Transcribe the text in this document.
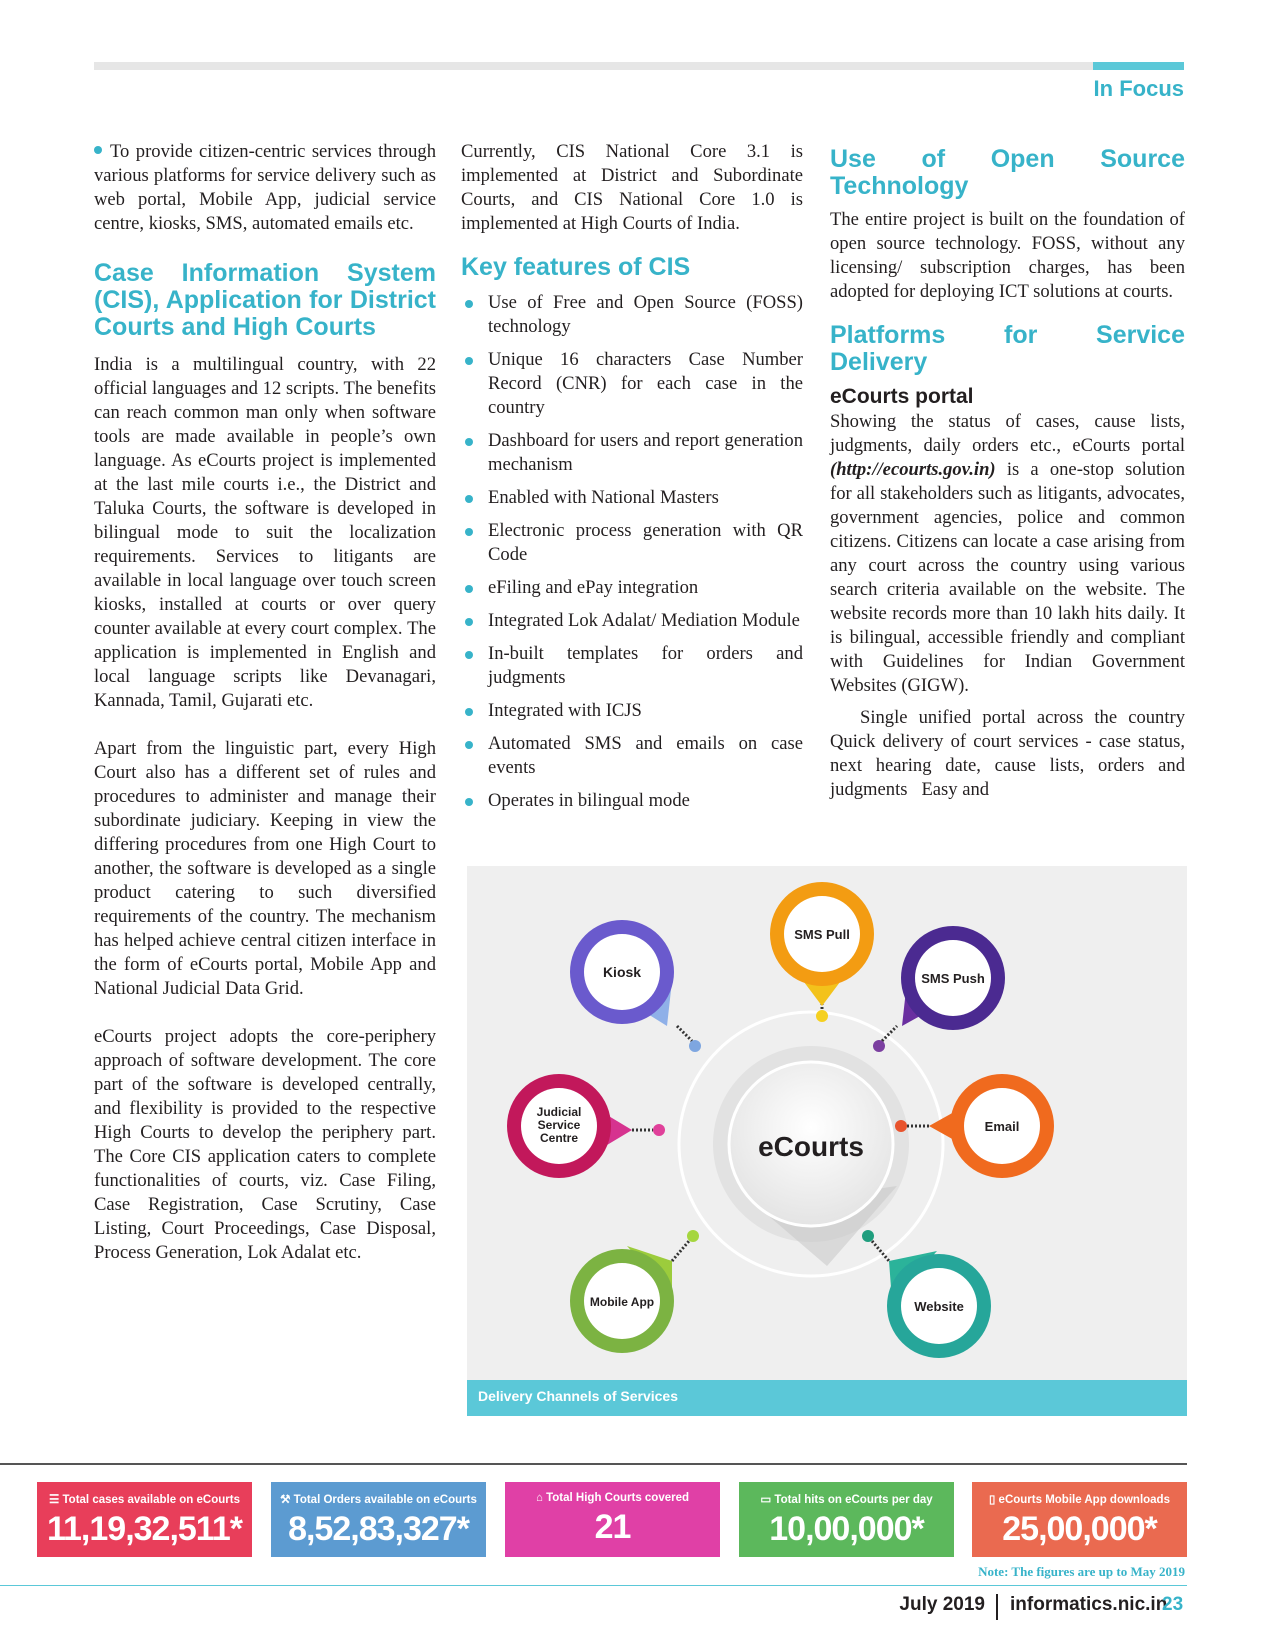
In Focus

To provide citizen-centric services through various platforms for service delivery such as web portal, Mobile App, judicial service centre, kiosks, SMS, automated emails etc.

Case Information System (CIS), Application for District Courts and High Courts

India is a multilingual country, with 22 official languages and 12 scripts. The benefits can reach common man only when software tools are made available in people’s own language. As eCourts project is implemented at the last mile courts i.e., the District and Taluka Courts, the software is developed in bilingual mode to suit the localization requirements. Services to litigants are available in local language over touch screen kiosks, installed at courts or over query counter available at every court complex. The application is implemented in English and local language scripts like Devanagari, Kannada, Tamil, Gujarati etc.

Apart from the linguistic part, every High Court also has a different set of rules and procedures to administer and manage their subordinate judiciary. Keeping in view the differing procedures from one High Court to another, the software is developed as a single product catering to such diversified requirements of the country. The mechanism has helped achieve central citizen interface in the form of eCourts portal, Mobile App and National Judicial Data Grid.

eCourts project adopts the core-periphery approach of software development. The core part of the software is developed centrally, and flexibility is provided to the respective High Courts to develop the periphery part. The Core CIS application caters to complete functionalities of courts, viz. Case Filing, Case Registration, Case Scrutiny, Case Listing, Court Proceedings, Case Disposal, Process Generation, Lok Adalat etc.

Currently, CIS National Core 3.1 is implemented at District and Subordinate Courts, and CIS National Core 1.0 is implemented at High Courts of India.

Key features of CIS
Use of Free and Open Source (FOSS) technology
Unique 16 characters Case Number Record (CNR) for each case in the country
Dashboard for users and report generation mechanism
Enabled with National Masters
Electronic process generation with QR Code
eFiling and ePay integration
Integrated Lok Adalat/ Mediation Module
In-built templates for orders and judgments
Integrated with ICJS
Automated SMS and emails on case events
Operates in bilingual mode
Use of Open Source Technology

The entire project is built on the foundation of open source technology. FOSS, without any licensing/ subscription charges, has been adopted for deploying ICT solutions at courts.

Platforms for Service Delivery
eCourts portal

Showing the status of cases, cause lists, judgments, daily orders etc., eCourts portal (http://ecourts.gov.in) is a one-stop solution for all stakeholders such as litigants, advocates, government agencies, police and common citizens. Citizens can locate a case arising from any court across the country using various search criteria available on the website. The website records more than 10 lakh hits daily. It is bilingual, accessible friendly and compliant with Guidelines for Indian Government Websites (GIGW).

Single unified portal across the country Quick delivery of court services - case status, next hearing date, cause lists, orders and judgments Easy and

eCourts
SMS Pull
Kiosk	SMS Push
Judicial
Service
Centre
Email
Mobile App	Website
Delivery Channels of Services
☰ Total cases available on eCourts
11,19,32,511*
⚒ Total Orders available on eCourts
8,52,83,327*
⌂ Total High Courts covered
21
▭ Total hits on eCourts per day
10,00,000*
▯ eCourts Mobile App downloads
25,00,000*
Note: The figures are up to May 2019
July 2019 informatics.nic.in
23
